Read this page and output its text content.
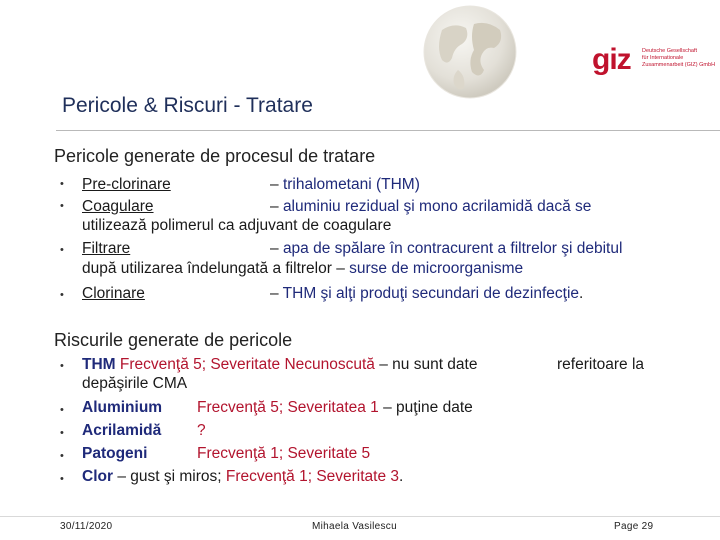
giz Deutsche Gesellschaft
für Internationale
Zusammenarbeit (GIZ) GmbH
Pericole & Riscuri - Tratare
Pericole generate de procesul de tratare
• Pre-clorinare	– trihalometani (THM)
• Coagulare	– aluminiu rezidual şi mono acrilamidă dacă se
utilizează polimerul ca adjuvant de coagulare
• Filtrare	– apa de spălare în contracurent a filtrelor şi debitul
după utilizarea îndelungată a filtrelor – surse de microorganisme
• Clorinare	– THM şi alţi produţi secundari de dezinfecţie.
Riscurile generate de pericole
• THM Frecvenţă 5; Severitate Necunoscută – nu sunt date	referitoare la
depăşirile CMA
• Aluminium Frecvenţă 5; Severitatea 1 – puţine date
• Acrilamidă ?
• Patogeni	Frecvenţă 1; Severitate 5
• Clor – gust şi miros; Frecvenţă 1; Severitate 3.
30/11/2020	Mihaela Vasilescu	Page 29
